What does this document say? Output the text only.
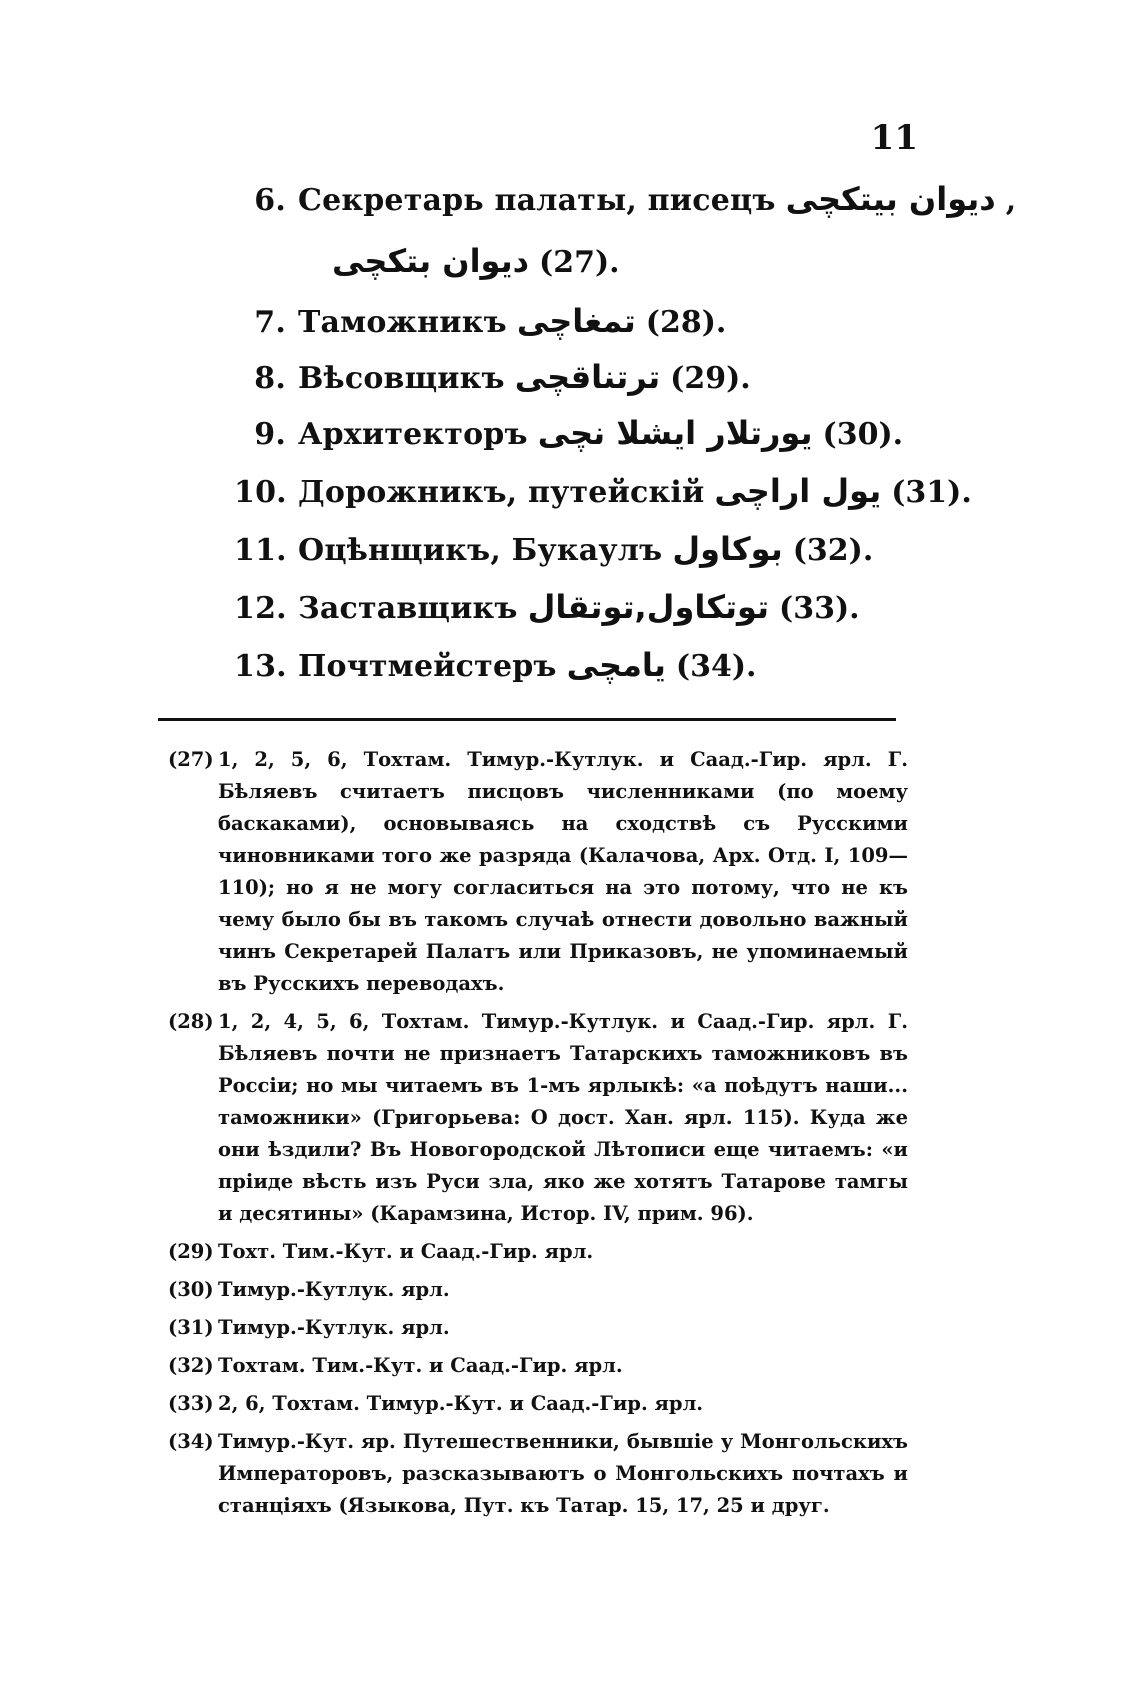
11
6. Секретарь палаты, писецъ دیوان بیتکچی ,
دیوان بتکچی (27).
7. Таможникъ تمغاچی (28).
8. Вѣсовщикъ ترتناقچی (29).
9. Архитекторъ یورتلار ایشلا نچی (30).
10. Дорожникъ, путейскій یول اراچی (31).
11. Оцѣнщикъ, Букаулъ بوکاول (32).
12. Заставщикъ توتکاول,توتقال (33).
13. Почтмейстеръ یامچی (34).
(27) 1, 2, 5, 6, Тохтам. Тимур.-Кутлук. и Саад.-Гир. ярл. Г. Бѣляевъ считаетъ писцовъ численниками (по моему баскаками), основываясь на сходствѣ съ Русскими чиновниками того же разряда (Калачова, Арх. Отд. I, 109—110); но я не могу согласиться на это потому, что не къ чему было бы въ такомъ случаѣ отнести довольно важный чинъ Секретарей Палатъ или Приказовъ, не упоминаемый въ Русскихъ переводахъ.
(28) 1, 2, 4, 5, 6, Тохтам. Тимур.-Кутлук. и Саад.-Гир. ярл. Г. Бѣляевъ почти не признаетъ Татарскихъ таможниковъ въ Россіи; но мы читаемъ въ 1-мъ ярлыкѣ: «а поѣдутъ наши... таможники» (Григорьева: О дост. Хан. ярл. 115). Куда же они ѣздили? Въ Новогородской Лѣтописи еще читаемъ: «и пріиде вѣсть изъ Руси зла, яко же хотятъ Татарове тамгы и десятины» (Карамзина, Истор. IV, прим. 96).
(29) Тохт. Тим.-Кут. и Саад.-Гир. ярл.
(30) Тимур.-Кутлук. ярл.
(31) Тимур.-Кутлук. ярл.
(32) Тохтам. Тим.-Кут. и Саад.-Гир. ярл.
(33) 2, 6, Тохтам. Тимур.-Кут. и Саад.-Гир. ярл.
(34) Тимур.-Кут. яр. Путешественники, бывшіе у Монгольскихъ Императоровъ, разсказываютъ о Монгольскихъ почтахъ и станціяхъ (Языкова, Пут. къ Татар. 15, 17, 25 и друг.
